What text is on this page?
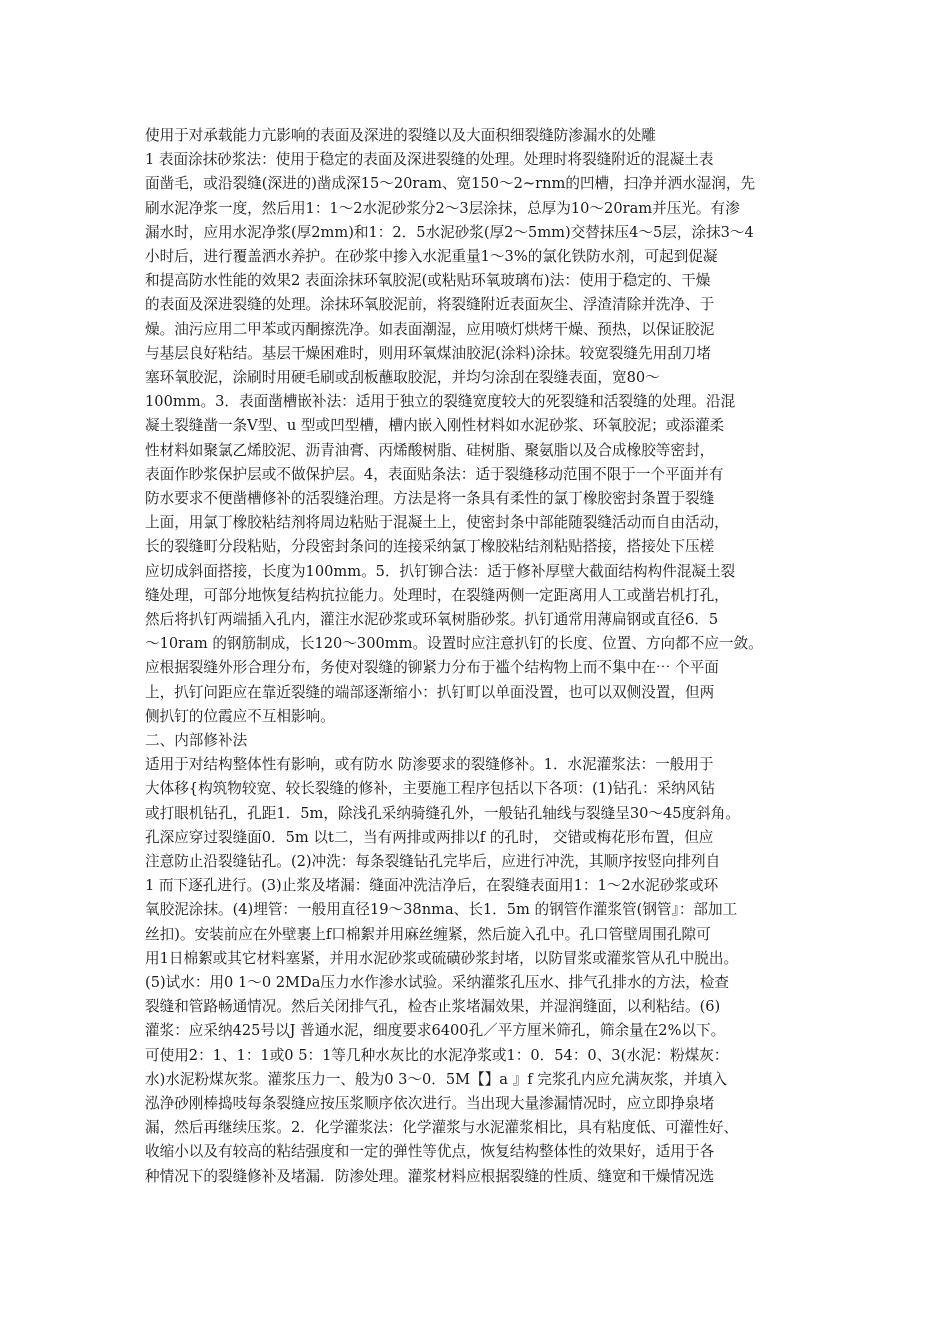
使用于对承载能力亢影响的表面及深进的裂缝以及大面积细裂缝防渗漏水的处雕
1 表面涂抹砂浆法：使用于稳定的表面及深进裂缝的处理。处理时将裂缝附近的混凝土表
面凿毛，或沿裂缝(深进的)凿成深15～20ram、宽150～2~rnm的凹槽，扫净并洒水湿润，先
刷水泥净浆一度，然后用1：1～2水泥砂浆分2～3层涂抹，总厚为10～20ram并压光。有渗
漏水时，应用水泥净浆(厚2mm)和1：2．5水泥砂浆(厚2～5mm)交替抹压4～5层，涂抹3～4
小时后，进行覆盖洒水养护。在砂浆中掺入水泥重量1～3%的氯化铁防水剂，可起到促凝
和提高防水性能的效果2 表面涂抹环氧胶泥(或粘贴环氧玻璃布)法：使用于稳定的、干燥
的表面及深进裂缝的处理。涂抹环氧胶泥前，将裂缝附近表面灰尘、浮渣清除并洗净、于
燥。油污应用二甲苯或丙酮擦洗净。如表面潮湿，应用喷灯烘烤干燥、预热，以保证胶泥
与基层良好粘结。基层干燥困难时，则用环氧煤油胶泥(涂料)涂抹。较宽裂缝先用刮刀堵
塞环氧胶泥，涂刷时用硬毛刷或刮板蘸取胶泥，并均匀涂刮在裂缝表面，宽80～
100mm。3．表面凿槽嵌补法：适用于独立的裂缝宽度较大的死裂缝和活裂缝的处理。沿混
凝土裂缝凿一条V型、u 型或凹型槽，槽内嵌入刚性材料如水泥砂浆、环氧胶泥；或添灌柔
性材料如聚氯乙烯胶泥、沥青油膏、丙烯酸树脂、硅树脂、聚氨脂以及合成橡胶等密封，
表面作眇浆保护层或不做保护层。4，表面贴条法：适于裂缝移动范围不限于一个平面并有
防水要求不便凿槽修补的活裂缝治理。方法是将一条具有柔性的氯丁橡胶密封条置于裂缝
上面，用氯丁橡胶粘结剂将周边粘贴于混凝土上，使密封条中部能随裂缝活动而自由活动，
长的裂缝町分段粘贴，分段密封条问的连接采纳氯丁橡胶粘结剂粘贴搭接，搭接处下压槎
应切成斜面搭接，长度为100mm。5．扒钉铆合法：适于修补厚壁大截面结构构件混凝土裂
缝处理，可部分地恢复结构抗拉能力。处理时，在裂缝两侧一定距离用人工或凿岩机打孔，
然后将扒钉两端插入孔内，灌注水泥砂浆或环氧树脂砂浆。扒钉通常用薄扁钢或直径6．5
～10ram 的钢筋制成，长120～300mm。设置时应注意扒钉的长度、位置、方向都不应一敛。
应根据裂缝外形合理分布，务使对裂缝的铆紧力分布于褴个结构物上而不集中在⋯ 个平面
上，扒钉问距应在靠近裂缝的端部逐渐缩小：扒钉町以单面没置，也可以双侧没置，但两
侧扒钉的位霞应不互相影响。
二、内部修补法
适用于对结构整体性有影响，或有防水 防渗要求的裂缝修补。1．水泥灌浆法：一般用于
大体移{构筑物较宽、较长裂缝的修补，主要施工程序包括以下各项：(1)钻孔：采纳风钻
或打眼机钻孔，孔距1．5m，除浅孔采纳骑缝孔外，一般钻孔轴线与裂缝呈30～45度斜角。
孔深应穿过裂缝面0．5m 以t二，当有两排或两排以f 的孔时， 交错或梅花形布置，但应
注意防止沿裂缝钻孔。(2)冲洗：每条裂缝钻孔完毕后，应进行冲洗，其顺序按竖向排列自
1 而下逐孔进行。(3)止浆及堵漏：缝面冲洗洁净后，在裂缝表面用1：1～2水泥砂浆或环
氧胶泥涂抹。(4)埋管：一般用直径19～38nma、长1．5m 的钢管作灌浆管(钢管』：部加工
丝扣)。安装前应在外壁裹上f口棉絮并用麻丝缠紧，然后旋入孔中。孔口管壁周围孔隙可
用1日棉絮或其它材料塞紧，并用水泥砂浆或硫磺砂浆封堵，以防冒浆或灌浆管从孔中脱出。
(5)试水：用0 1～0 2MDa压力水作渗水试验。采纳灌浆孔压水、排气孔排水的方法，检查
裂缝和管路畅通情况。然后关闭排气孔，检杏止浆堵漏效果，并湿润缝面，以利粘结。(6)
灌浆：应采纳425号以J 普通水泥，细度要求6400孔／平方厘米筛孔，筛余量在2%以下。
可使用2：1、1：1或0 5：1等几种水灰比的水泥净浆或1：0．54：0、3(水泥：粉煤灰：
水)水泥粉煤灰浆。灌浆压力一、般为0 3～0．5M【】a 』f 完浆孔内应允满灰浆，并填入
泓浄砂刚棒捣吱每条裂缝应按压浆顺序依次进行。当出现大量渗漏情况时，应立即挣泉堵
漏，然后再继续压浆。2．化学灌浆法：化学灌浆与水泥灌浆相比，具有粘度低、可灌性好、
收缩小以及有较高的粘结强度和一定的弹性等优点，恢复结构整体性的效果好，适用于各
种情况下的裂缝修补及堵漏．防渗处理。灌浆材料应根据裂缝的性质、缝宽和干燥情况选
